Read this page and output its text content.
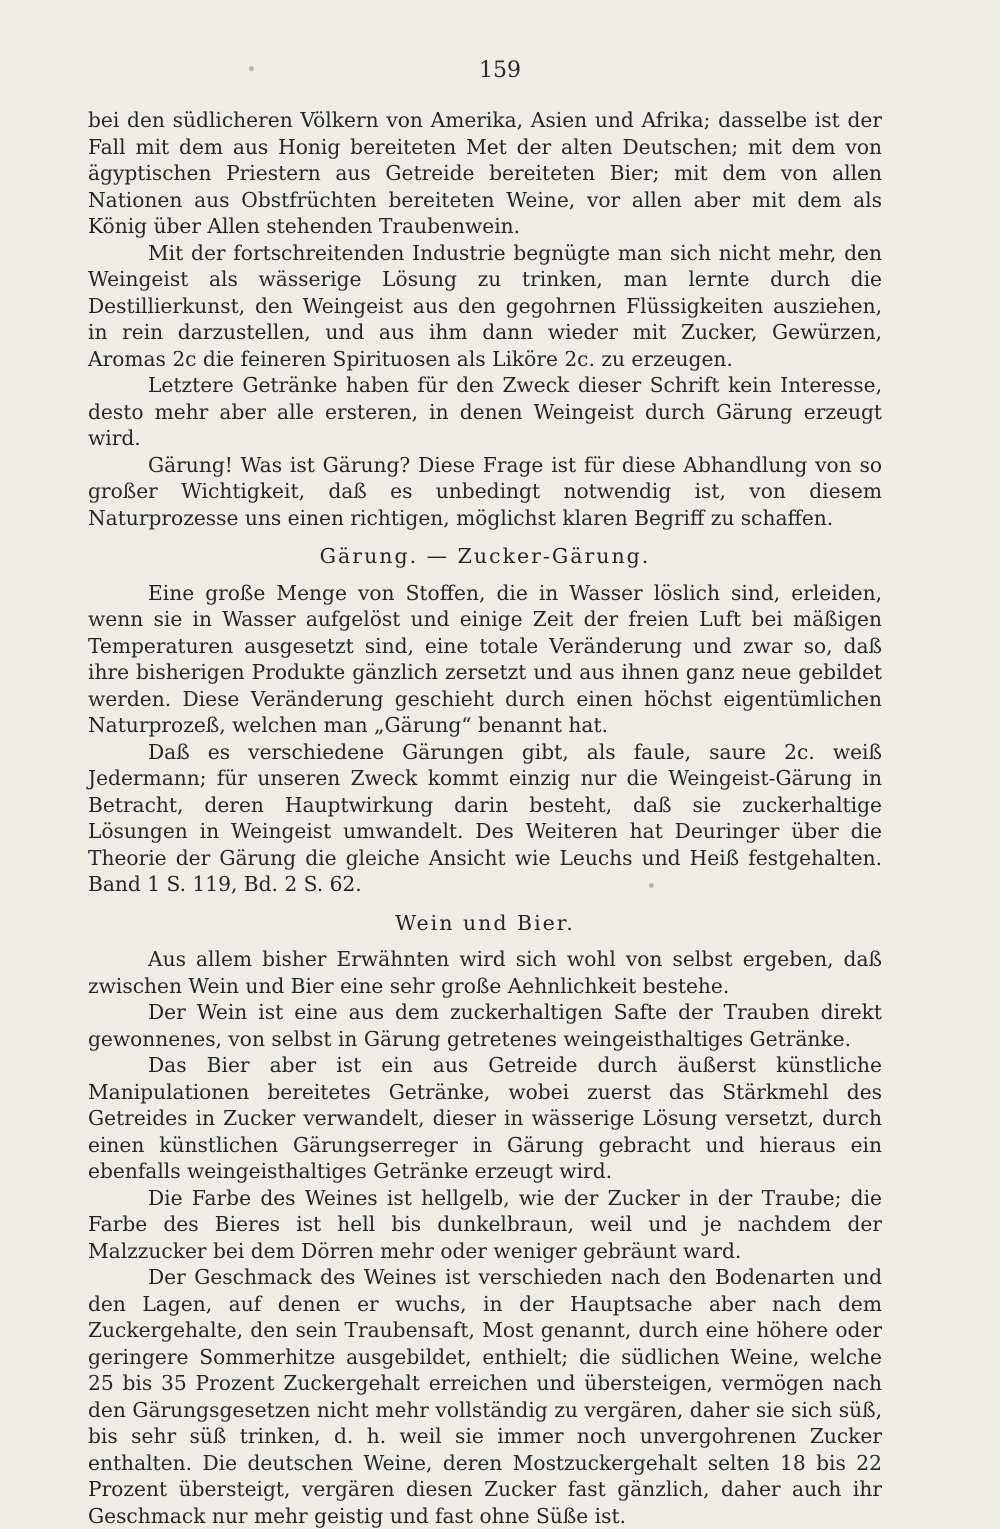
159

bei den südlicheren Völkern von Amerika, Asien und Afrika; dasselbe ist der Fall mit dem aus Honig bereiteten Met der alten Deutschen; mit dem von ägyptischen Priestern aus Getreide bereiteten Bier; mit dem von allen Nationen aus Obstfrüchten bereiteten Weine, vor allen aber mit dem als König über Allen stehenden Traubenwein.

Mit der fortschreitenden Industrie begnügte man sich nicht mehr, den Weingeist als wässerige Lösung zu trinken, man lernte durch die Destillierkunst, den Weingeist aus den gegohrnen Flüssigkeiten ausziehen, in rein darzustellen, und aus ihm dann wieder mit Zucker, Gewürzen, Aromas 2c die feineren Spirituosen als Liköre 2c. zu erzeugen.

Letztere Getränke haben für den Zweck dieser Schrift kein Interesse, desto mehr aber alle ersteren, in denen Weingeist durch Gärung erzeugt wird.

Gärung! Was ist Gärung? Diese Frage ist für diese Abhandlung von so großer Wichtigkeit, daß es unbedingt notwendig ist, von diesem Naturprozesse uns einen richtigen, möglichst klaren Begriff zu schaffen.

Gärung. — Zucker-Gärung.

Eine große Menge von Stoffen, die in Wasser löslich sind, erleiden, wenn sie in Wasser aufgelöst und einige Zeit der freien Luft bei mäßigen Temperaturen ausgesetzt sind, eine totale Veränderung und zwar so, daß ihre bisherigen Produkte gänzlich zersetzt und aus ihnen ganz neue gebildet werden. Diese Veränderung geschieht durch einen höchst eigentümlichen Naturprozeß, welchen man „Gärung“ benannt hat.

Daß es verschiedene Gärungen gibt, als faule, saure 2c. weiß Jedermann; für unseren Zweck kommt einzig nur die Weingeist-Gärung in Betracht, deren Hauptwirkung darin besteht, daß sie zuckerhaltige Lösungen in Weingeist umwandelt. Des Weiteren hat Deuringer über die Theorie der Gärung die gleiche Ansicht wie Leuchs und Heiß festgehalten. Band 1 S. 119, Bd. 2 S. 62.

Wein und Bier.

Aus allem bisher Erwähnten wird sich wohl von selbst ergeben, daß zwischen Wein und Bier eine sehr große Aehnlichkeit bestehe.

Der Wein ist eine aus dem zuckerhaltigen Safte der Trauben direkt gewonnenes, von selbst in Gärung getretenes weingeisthaltiges Getränke.

Das Bier aber ist ein aus Getreide durch äußerst künstliche Manipulationen bereitetes Getränke, wobei zuerst das Stärkmehl des Getreides in Zucker verwandelt, dieser in wässerige Lösung versetzt, durch einen künstlichen Gärungserreger in Gärung gebracht und hieraus ein ebenfalls weingeisthaltiges Getränke erzeugt wird.

Die Farbe des Weines ist hellgelb, wie der Zucker in der Traube; die Farbe des Bieres ist hell bis dunkelbraun, weil und je nachdem der Malzzucker bei dem Dörren mehr oder weniger gebräunt ward.

Der Geschmack des Weines ist verschieden nach den Bodenarten und den Lagen, auf denen er wuchs, in der Hauptsache aber nach dem Zuckergehalte, den sein Traubensaft, Most genannt, durch eine höhere oder geringere Sommerhitze ausgebildet, enthielt; die südlichen Weine, welche 25 bis 35 Prozent Zuckergehalt erreichen und übersteigen, vermögen nach den Gärungsgesetzen nicht mehr vollständig zu vergären, daher sie sich süß, bis sehr süß trinken, d. h. weil sie immer noch unvergohrenen Zucker enthalten. Die deutschen Weine, deren Mostzuckergehalt selten 18 bis 22 Prozent übersteigt, vergären diesen Zucker fast gänzlich, daher auch ihr Geschmack nur mehr geistig und fast ohne Süße ist.
